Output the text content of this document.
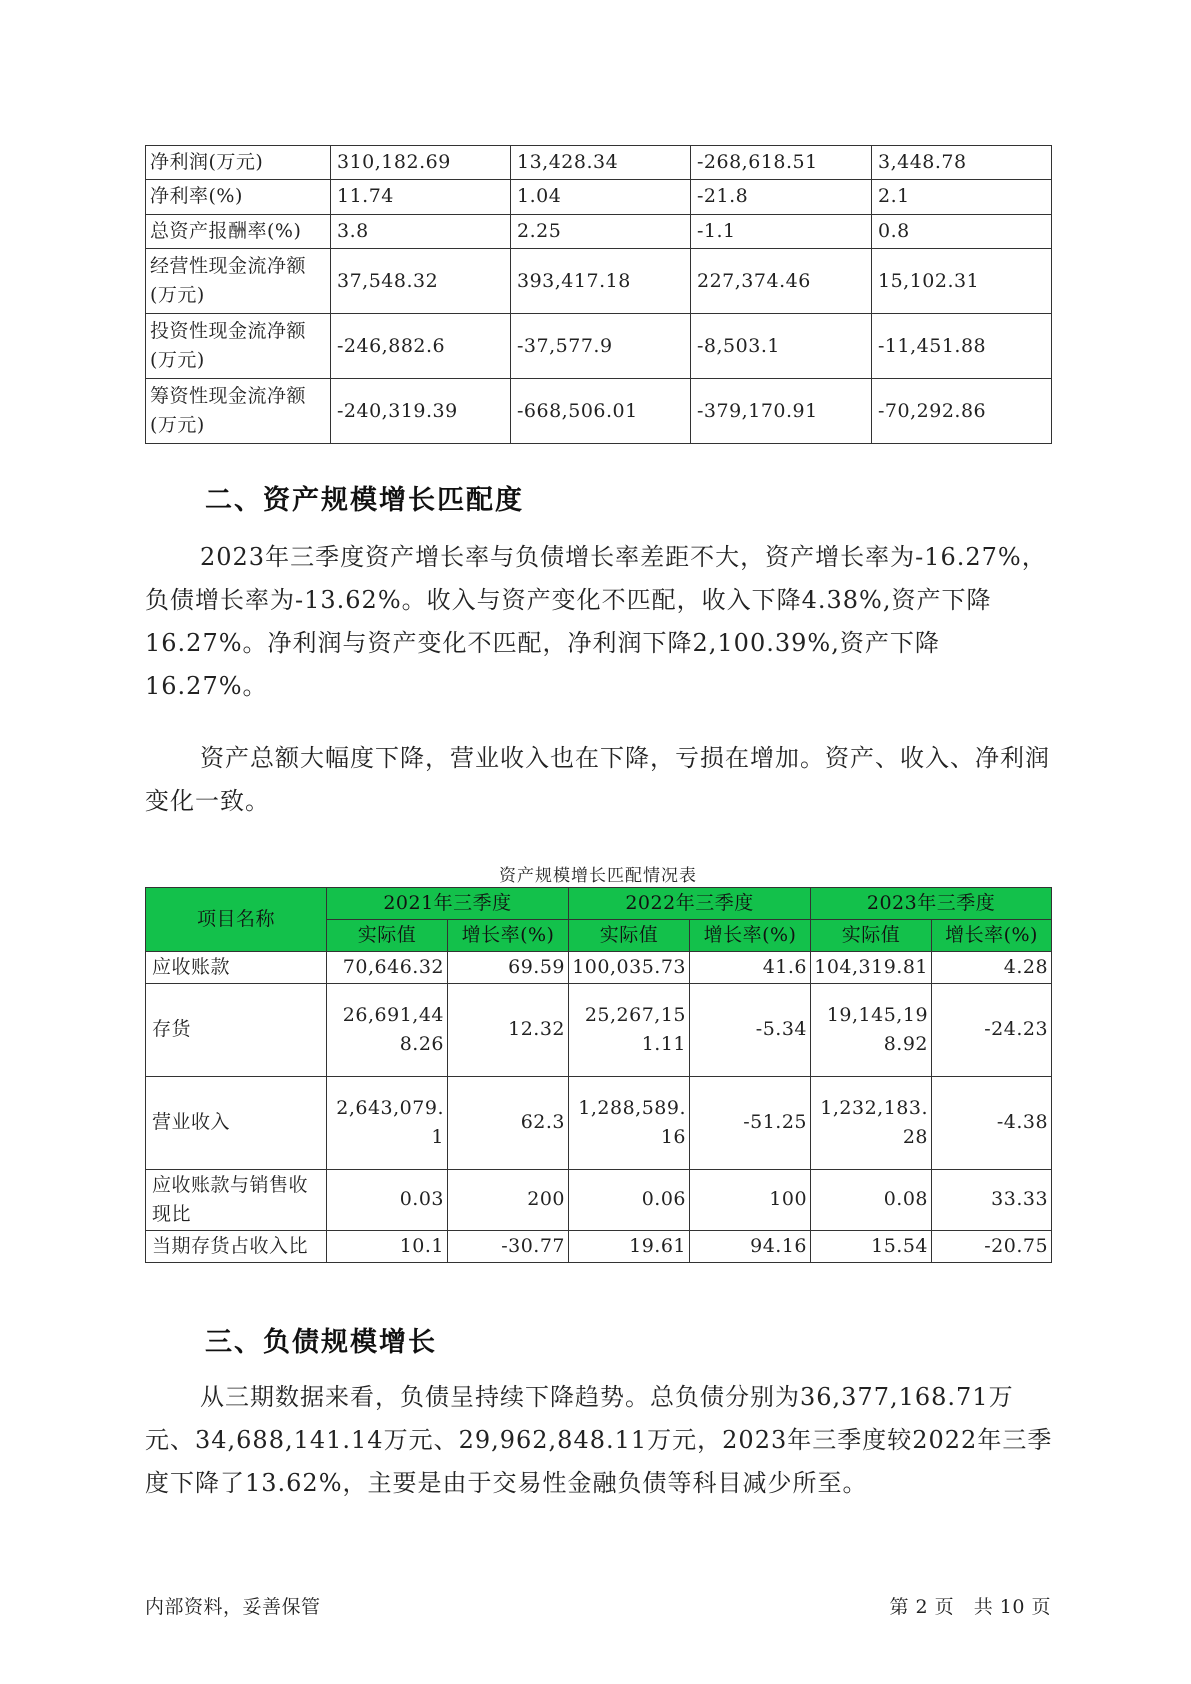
净利润(万元)	310,182.69	13,428.34	-268,618.51	3,448.78
净利率(%)	11.74	1.04	-21.8	2.1
总资产报酬率(%)	3.8	2.25	-1.1	0.8
经营性现金流净额(万元)	37,548.32	393,417.18	227,374.46	15,102.31
投资性现金流净额(万元)	-246,882.6	-37,577.9	-8,503.1	-11,451.88
筹资性现金流净额(万元)	-240,319.39	-668,506.01	-379,170.91	-70,292.86
二、资产规模增长匹配度

2023年三季度资产增长率与负债增长率差距不大，资产增长率为-16.27%，负债增长率为-13.62%。收入与资产变化不匹配，收入下降4.38%,资产下降16.27%。净利润与资产变化不匹配，净利润下降2,100.39%,资产下降16.27%。

资产总额大幅度下降，营业收入也在下降，亏损在增加。资产、收入、净利润变化一致。

资产规模增长匹配情况表
项目名称	2021年三季度		2022年三季度		2023年三季度	
	实际值	增长率(%)	实际值	增长率(%)	实际值	增长率(%)
应收账款	70,646.32	69.59	100,035.73	41.6	104,319.81	4.28
存货	26,691,448.26	12.32	25,267,151.11	-5.34	19,145,198.92	-24.23
营业收入	2,643,079.1	62.3	1,288,589.16	-51.25	1,232,183.28	-4.38
应收账款与销售收现比	0.03	200	0.06	100	0.08	33.33
当期存货占收入比	10.1	-30.77	19.61	94.16	15.54	-20.75
三、负债规模增长

从三期数据来看，负债呈持续下降趋势。总负债分别为36,377,168.71万元、34,688,141.14万元、29,962,848.11万元，2023年三季度较2022年三季度下降了13.62%，主要是由于交易性金融负债等科目减少所至。

内部资料，妥善保管	第 2 页   共 10 页
